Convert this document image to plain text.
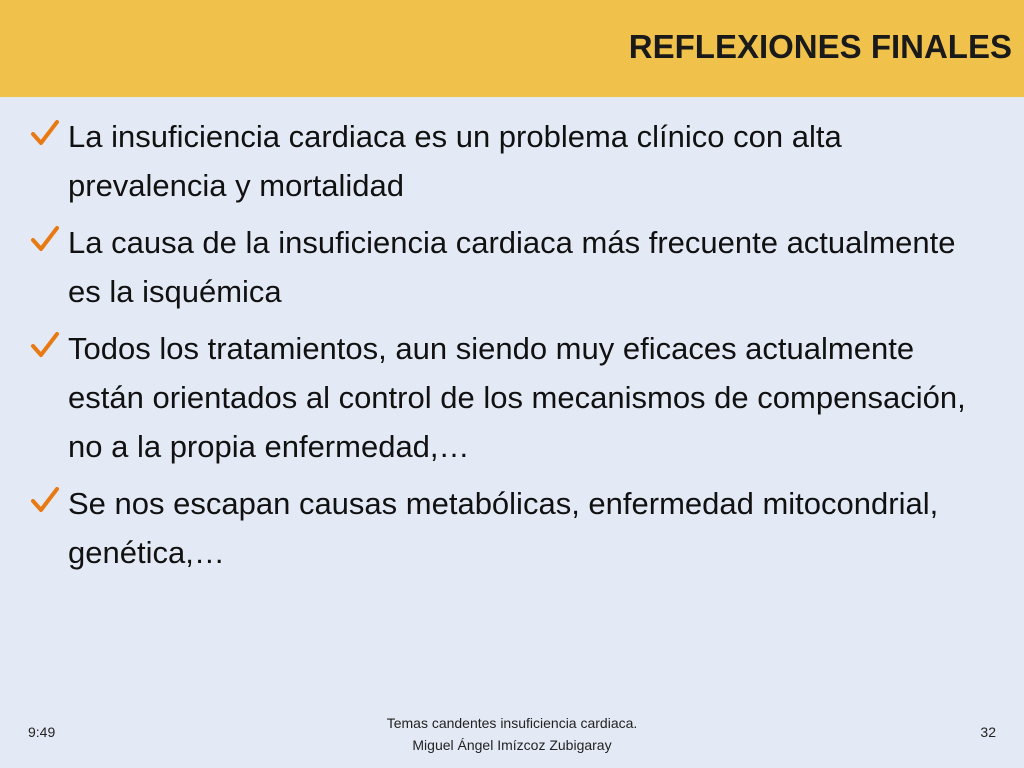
REFLEXIONES FINALES
La insuficiencia cardiaca es un problema clínico con alta prevalencia y mortalidad
La causa de la insuficiencia cardiaca más frecuente actualmente es la isquémica
Todos los tratamientos, aun siendo muy eficaces actualmente están orientados al control de los mecanismos de compensación, no a la propia enfermedad,…
Se nos escapan causas metabólicas, enfermedad mitocondrial, genética,…
9:49
Temas candentes insuficiencia cardiaca.
Miguel Ángel Imízcoz Zubigaray
32
